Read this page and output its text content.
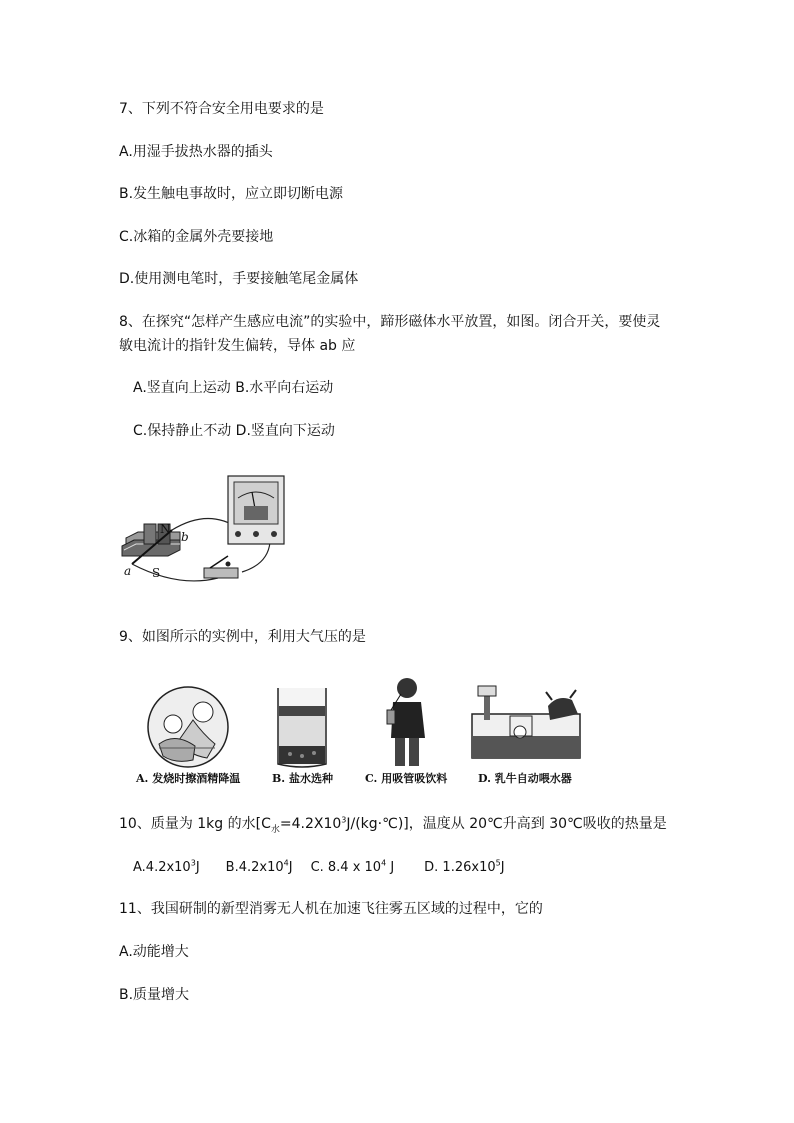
7、下列不符合安全用电要求的是
A.用湿手拔热水器的插头
B.发生触电事故时，应立即切断电源
C.冰箱的金属外壳要接地
D.使用测电笔时，手要接触笔尾金属体
8、在探究“怎样产生感应电流”的实验中，蹄形磁体水平放置，如图。闭合开关，要使灵
敏电流计的指针发生偏转，导体 ab 应
A.竖直向上运动 B.水平向右运动
C.保持静止不动 D.竖直向下运动
N
b
a S
9、如图所示的实例中，利用大气压的是
A. 发烧时擦酒精降温	B. 盐水选种	C. 用吸管吸饮料	D. 乳牛自动喂水器
10、质量为 1kg 的水$[C_水=4.2X10^3J/(kg\cdot℃)]$，温度从 20℃升高到 30℃吸收的热量是
$A.4.2x10^3J$ $B.4.2x10^4J$ C. 8.4 x $10^4$ J D. $1.26x10^5J$
11、我国研制的新型消雾无人机在加速飞往雾五区域的过程中，它的
A.动能增大
B.质量增大
